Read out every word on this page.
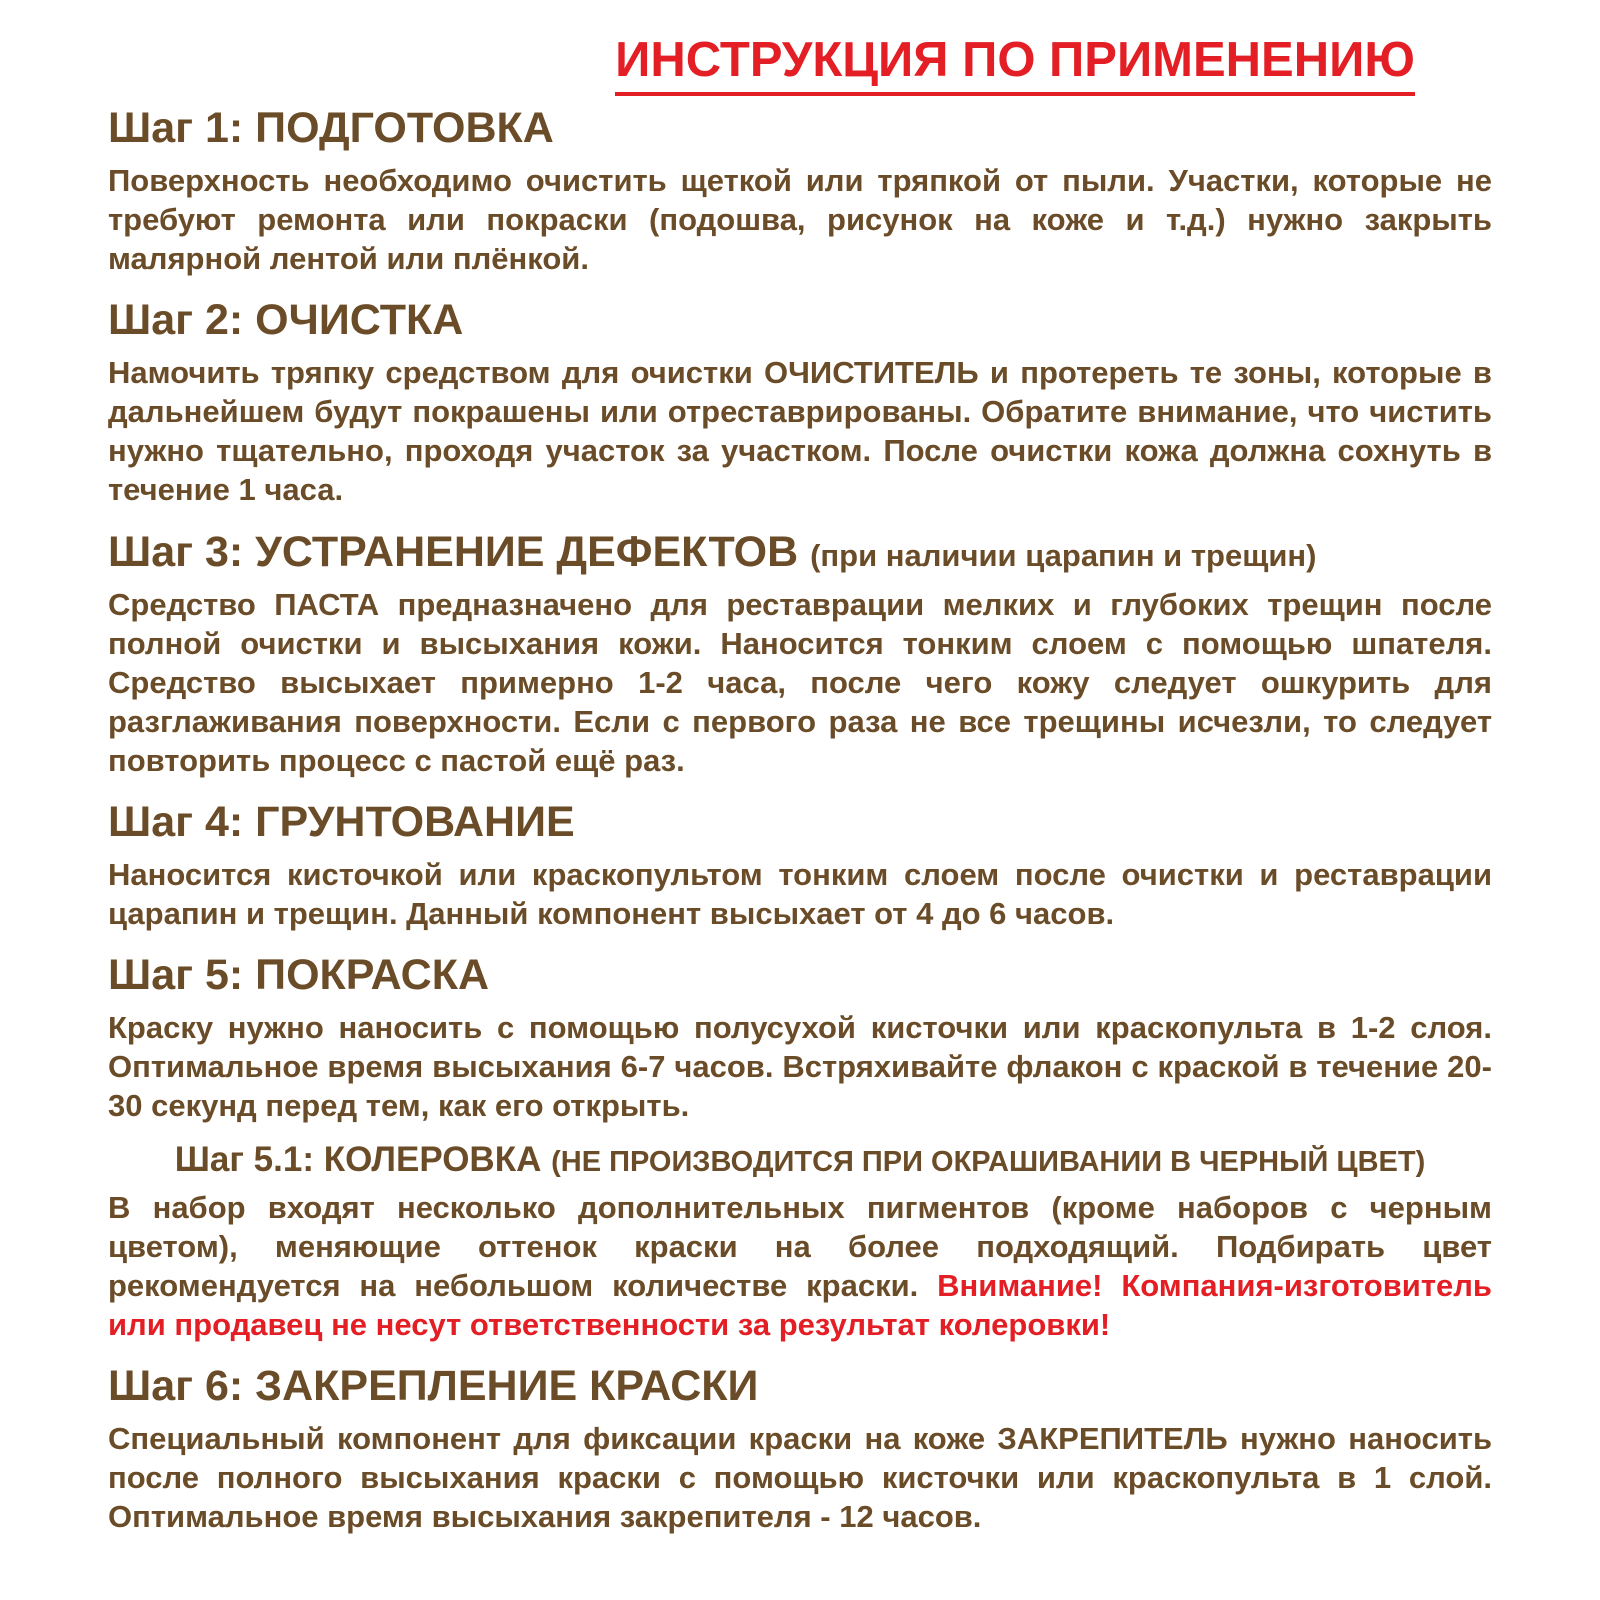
ИНСТРУКЦИЯ ПО ПРИМЕНЕНИЮ
Шаг 1: ПОДГОТОВКА

Поверхность необходимо очистить щеткой или тряпкой от пыли. Участки, которые не требуют ремонта или покраски (подошва, рисунок на коже и т.д.) нужно закрыть малярной лентой или плёнкой.

Шаг 2: ОЧИСТКА

Намочить тряпку средством для очистки ОЧИСТИТЕЛЬ и протереть те зоны, которые в дальнейшем будут покрашены или отреставрированы. Обратите внимание, что чистить нужно тщательно, проходя участок за участком. После очистки кожа должна сохнуть в течение 1 часа.

Шаг 3: УСТРАНЕНИЕ ДЕФЕКТОВ (при наличии царапин и трещин)

Средство ПАСТА предназначено для реставрации мелких и глубоких трещин после полной очистки и высыхания кожи. Наносится тонким слоем с помощью шпателя. Средство высыхает примерно 1-2 часа, после чего кожу следует ошкурить для разглаживания поверхности. Если с первого раза не все трещины исчезли, то следует повторить процесс с пастой ещё раз.

Шаг 4: ГРУНТОВАНИЕ

Наносится кисточкой или краскопультом тонким слоем после очистки и реставрации царапин и трещин. Данный компонент высыхает от 4 до 6 часов.

Шаг 5: ПОКРАСКА

Краску нужно наносить с помощью полусухой кисточки или краскопульта в 1-2 слоя. Оптимальное время высыхания 6-7 часов. Встряхивайте флакон с краской в течение 20-30 секунд перед тем, как его открыть.

Шаг 5.1: КОЛЕРОВКА (НЕ ПРОИЗВОДИТСЯ ПРИ ОКРАШИВАНИИ В ЧЕРНЫЙ ЦВЕТ)

В набор входят несколько дополнительных пигментов (кроме наборов с черным цветом), меняющие оттенок краски на более подходящий. Подбирать цвет рекомендуется на небольшом количестве краски. Внимание! Компания-изготовитель или продавец не несут ответственности за результат колеровки!

Шаг 6: ЗАКРЕПЛЕНИЕ КРАСКИ

Специальный компонент для фиксации краски на коже ЗАКРЕПИТЕЛЬ нужно наносить после полного высыхания краски с помощью кисточки или краскопульта в 1 слой. Оптимальное время высыхания закрепителя - 12 часов.
